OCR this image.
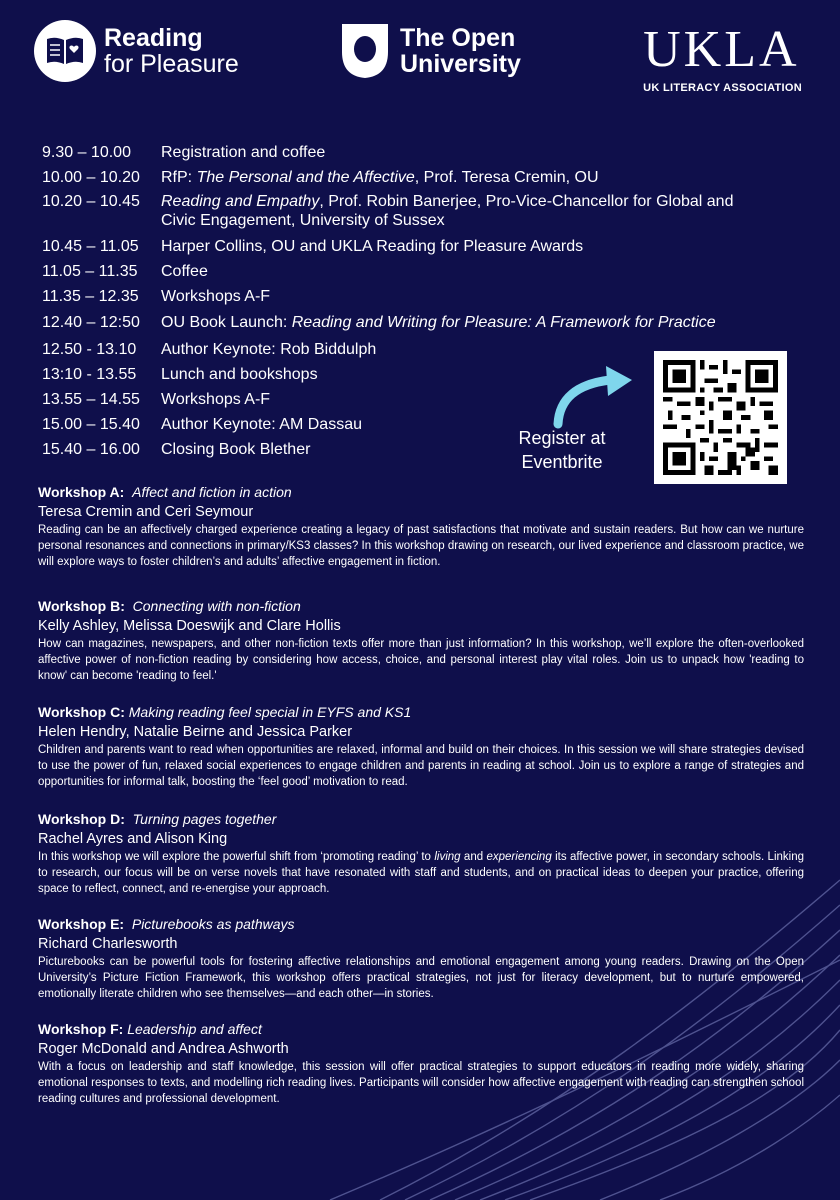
Reading
for Pleasure
The Open
University UKLA
UK LITERACY ASSOCIATION
9.30 – 10.00	Registration and coffee
10.00 – 10.20	RfP: The Personal and the Affective, Prof. Teresa Cremin, OU
10.20 – 10.45	Reading and Empathy, Prof. Robin Banerjee, Pro-Vice-Chancellor for Global and Civic Engagement, University of Sussex
10.45 – 11.05	Harper Collins, OU and UKLA Reading for Pleasure Awards
11.05 – 11.35	Coffee
11.35 – 12.35	Workshops A-F
12.40 – 12:50	OU Book Launch: Reading and Writing for Pleasure: A Framework for Practice
12.50 - 13.10	Author Keynote: Rob Biddulph
13:10 - 13.55	Lunch and bookshops
13.55 – 14.55	Workshops A-F
15.00 – 15.40	Author Keynote: AM Dassau
15.40 – 16.00	Closing Book Blether
Register at
Eventbrite
Workshop A: Affect and fiction in action
Teresa Cremin and Ceri Seymour
Reading can be an affectively charged experience creating a legacy of past satisfactions that motivate and sustain readers. But how can we nurture personal resonances and connections in primary/KS3 classes? In this workshop drawing on research, our lived experience and classroom practice, we will explore ways to foster children’s and adults’ affective engagement in fiction.
Workshop B: Connecting with non-fiction
Kelly Ashley, Melissa Doeswijk and Clare Hollis
How can magazines, newspapers, and other non-fiction texts offer more than just information? In this workshop, we’ll explore the often-overlooked affective power of non-fiction reading by considering how access, choice, and personal interest play vital roles. Join us to unpack how 'reading to know' can become 'reading to feel.'
Workshop C: Making reading feel special in EYFS and KS1
Helen Hendry, Natalie Beirne and Jessica Parker
Children and parents want to read when opportunities are relaxed, informal and build on their choices. In this session we will share strategies devised to use the power of fun, relaxed social experiences to engage children and parents in reading at school. Join us to explore a range of strategies and opportunities for informal talk, boosting the ‘feel good’ motivation to read.
Workshop D: Turning pages together
Rachel Ayres and Alison King
In this workshop we will explore the powerful shift from ‘promoting reading’ to living and experiencing its affective power, in secondary schools. Linking to research, our focus will be on verse novels that have resonated with staff and students, and on practical ideas to deepen your practice, offering space to reflect, connect, and re-energise your approach.
Workshop E: Picturebooks as pathways
Richard Charlesworth
Picturebooks can be powerful tools for fostering affective relationships and emotional engagement among young readers. Drawing on the Open University’s Picture Fiction Framework, this workshop offers practical strategies, not just for literacy development, but to nurture empowered, emotionally literate children who see themselves—and each other—in stories.
Workshop F: Leadership and affect
Roger McDonald and Andrea Ashworth
With a focus on leadership and staff knowledge, this session will offer practical strategies to support educators in reading more widely, sharing emotional responses to texts, and modelling rich reading lives. Participants will consider how affective engagement with reading can strengthen school reading cultures and professional development.
